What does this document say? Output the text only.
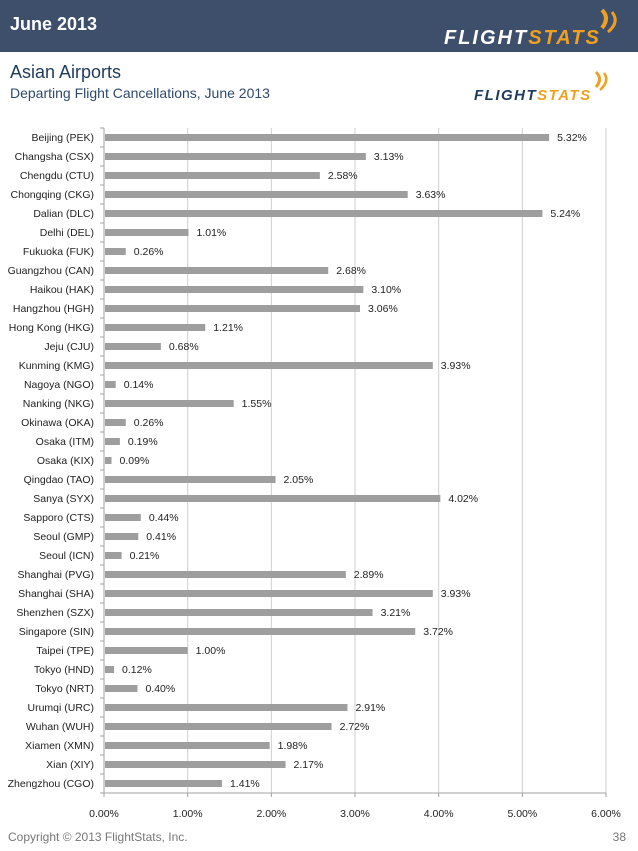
June 2013
FLIGHTSTATS
Asian Airports
Departing Flight Cancellations, June 2013	FLIGHTSTATS
Beijing (PEK)	5.32%
Changsha (CSX)	3.13%
Chengdu (CTU)	2.58%
Chongqing (CKG)	3.63%
Dalian (DLC)	5.24%
Delhi (DEL)	1.01%
Fukuoka (FUK)	0.26%
Guangzhou (CAN)	2.68%
Haikou (HAK)	3.10%
Hangzhou (HGH)	3.06%
Hong Kong (HKG)	1.21%
Jeju (CJU)	0.68%
Kunming (KMG)	3.93%
Nagoya (NGO)	0.14%
Nanking (NKG)	1.55%
Okinawa (OKA)	0.26%
Osaka (ITM)	0.19%
Osaka (KIX) 0.09%
Qingdao (TAO)	2.05%
Sanya (SYX)	4.02%
Sapporo (CTS)	0.44%
Seoul (GMP)	0.41%
Seoul (ICN)	0.21%
Shanghai (PVG)	2.89%
Shanghai (SHA)	3.93%
Shenzhen (SZX)	3.21%
Singapore (SIN)	3.72%
Taipei (TPE)	1.00%
Tokyo (HND)	0.12%
Tokyo (NRT)	0.40%
Urumqi (URC)	2.91%
Wuhan (WUH)	2.72%
Xiamen (XMN)	1.98%
Xian (XIY)	2.17%
Zhengzhou (CGO)	1.41%
0.00%	1.00%	2.00%	3.00%	4.00%	5.00%	6.00%
Copyright © 2013 FlightStats, Inc.	38
